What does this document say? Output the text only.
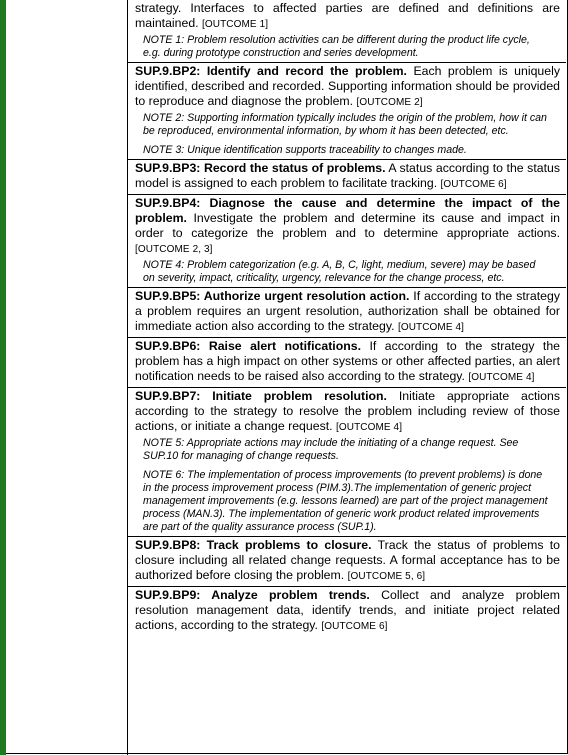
strategy. Interfaces to affected parties are defined and definitions are maintained. [OUTCOME 1]

NOTE 1: Problem resolution activities can be different during the product life cycle, e.g. during prototype construction and series development.

SUP.9.BP2: Identify and record the problem. Each problem is uniquely identified, described and recorded. Supporting information should be provided to reproduce and diagnose the problem. [OUTCOME 2]

NOTE 2: Supporting information typically includes the origin of the problem, how it can be reproduced, environmental information, by whom it has been detected, etc.
NOTE 3: Unique identification supports traceability to changes made.

SUP.9.BP3: Record the status of problems. A status according to the status model is assigned to each problem to facilitate tracking. [OUTCOME 6]

SUP.9.BP4: Diagnose the cause and determine the impact of the problem. Investigate the problem and determine its cause and impact in order to categorize the problem and to determine appropriate actions. [OUTCOME 2, 3]

NOTE 4: Problem categorization (e.g. A, B, C, light, medium, severe) may be based on severity, impact, criticality, urgency, relevance for the change process, etc.

SUP.9.BP5: Authorize urgent resolution action. If according to the strategy a problem requires an urgent resolution, authorization shall be obtained for immediate action also according to the strategy. [OUTCOME 4]

SUP.9.BP6: Raise alert notifications. If according to the strategy the problem has a high impact on other systems or other affected parties, an alert notification needs to be raised also according to the strategy. [OUTCOME 4]

SUP.9.BP7: Initiate problem resolution. Initiate appropriate actions according to the strategy to resolve the problem including review of those actions, or initiate a change request. [OUTCOME 4]

NOTE 5: Appropriate actions may include the initiating of a change request. See SUP.10 for managing of change requests.
NOTE 6: The implementation of process improvements (to prevent problems) is done in the process improvement process (PIM.3).The implementation of generic project management improvements (e.g. lessons learned) are part of the project management process (MAN.3). The implementation of generic work product related improvements are part of the quality assurance process (SUP.1).

SUP.9.BP8: Track problems to closure. Track the status of problems to closure including all related change requests. A formal acceptance has to be authorized before closing the problem. [OUTCOME 5, 6]

SUP.9.BP9: Analyze problem trends. Collect and analyze problem resolution management data, identify trends, and initiate project related actions, according to the strategy. [OUTCOME 6]
